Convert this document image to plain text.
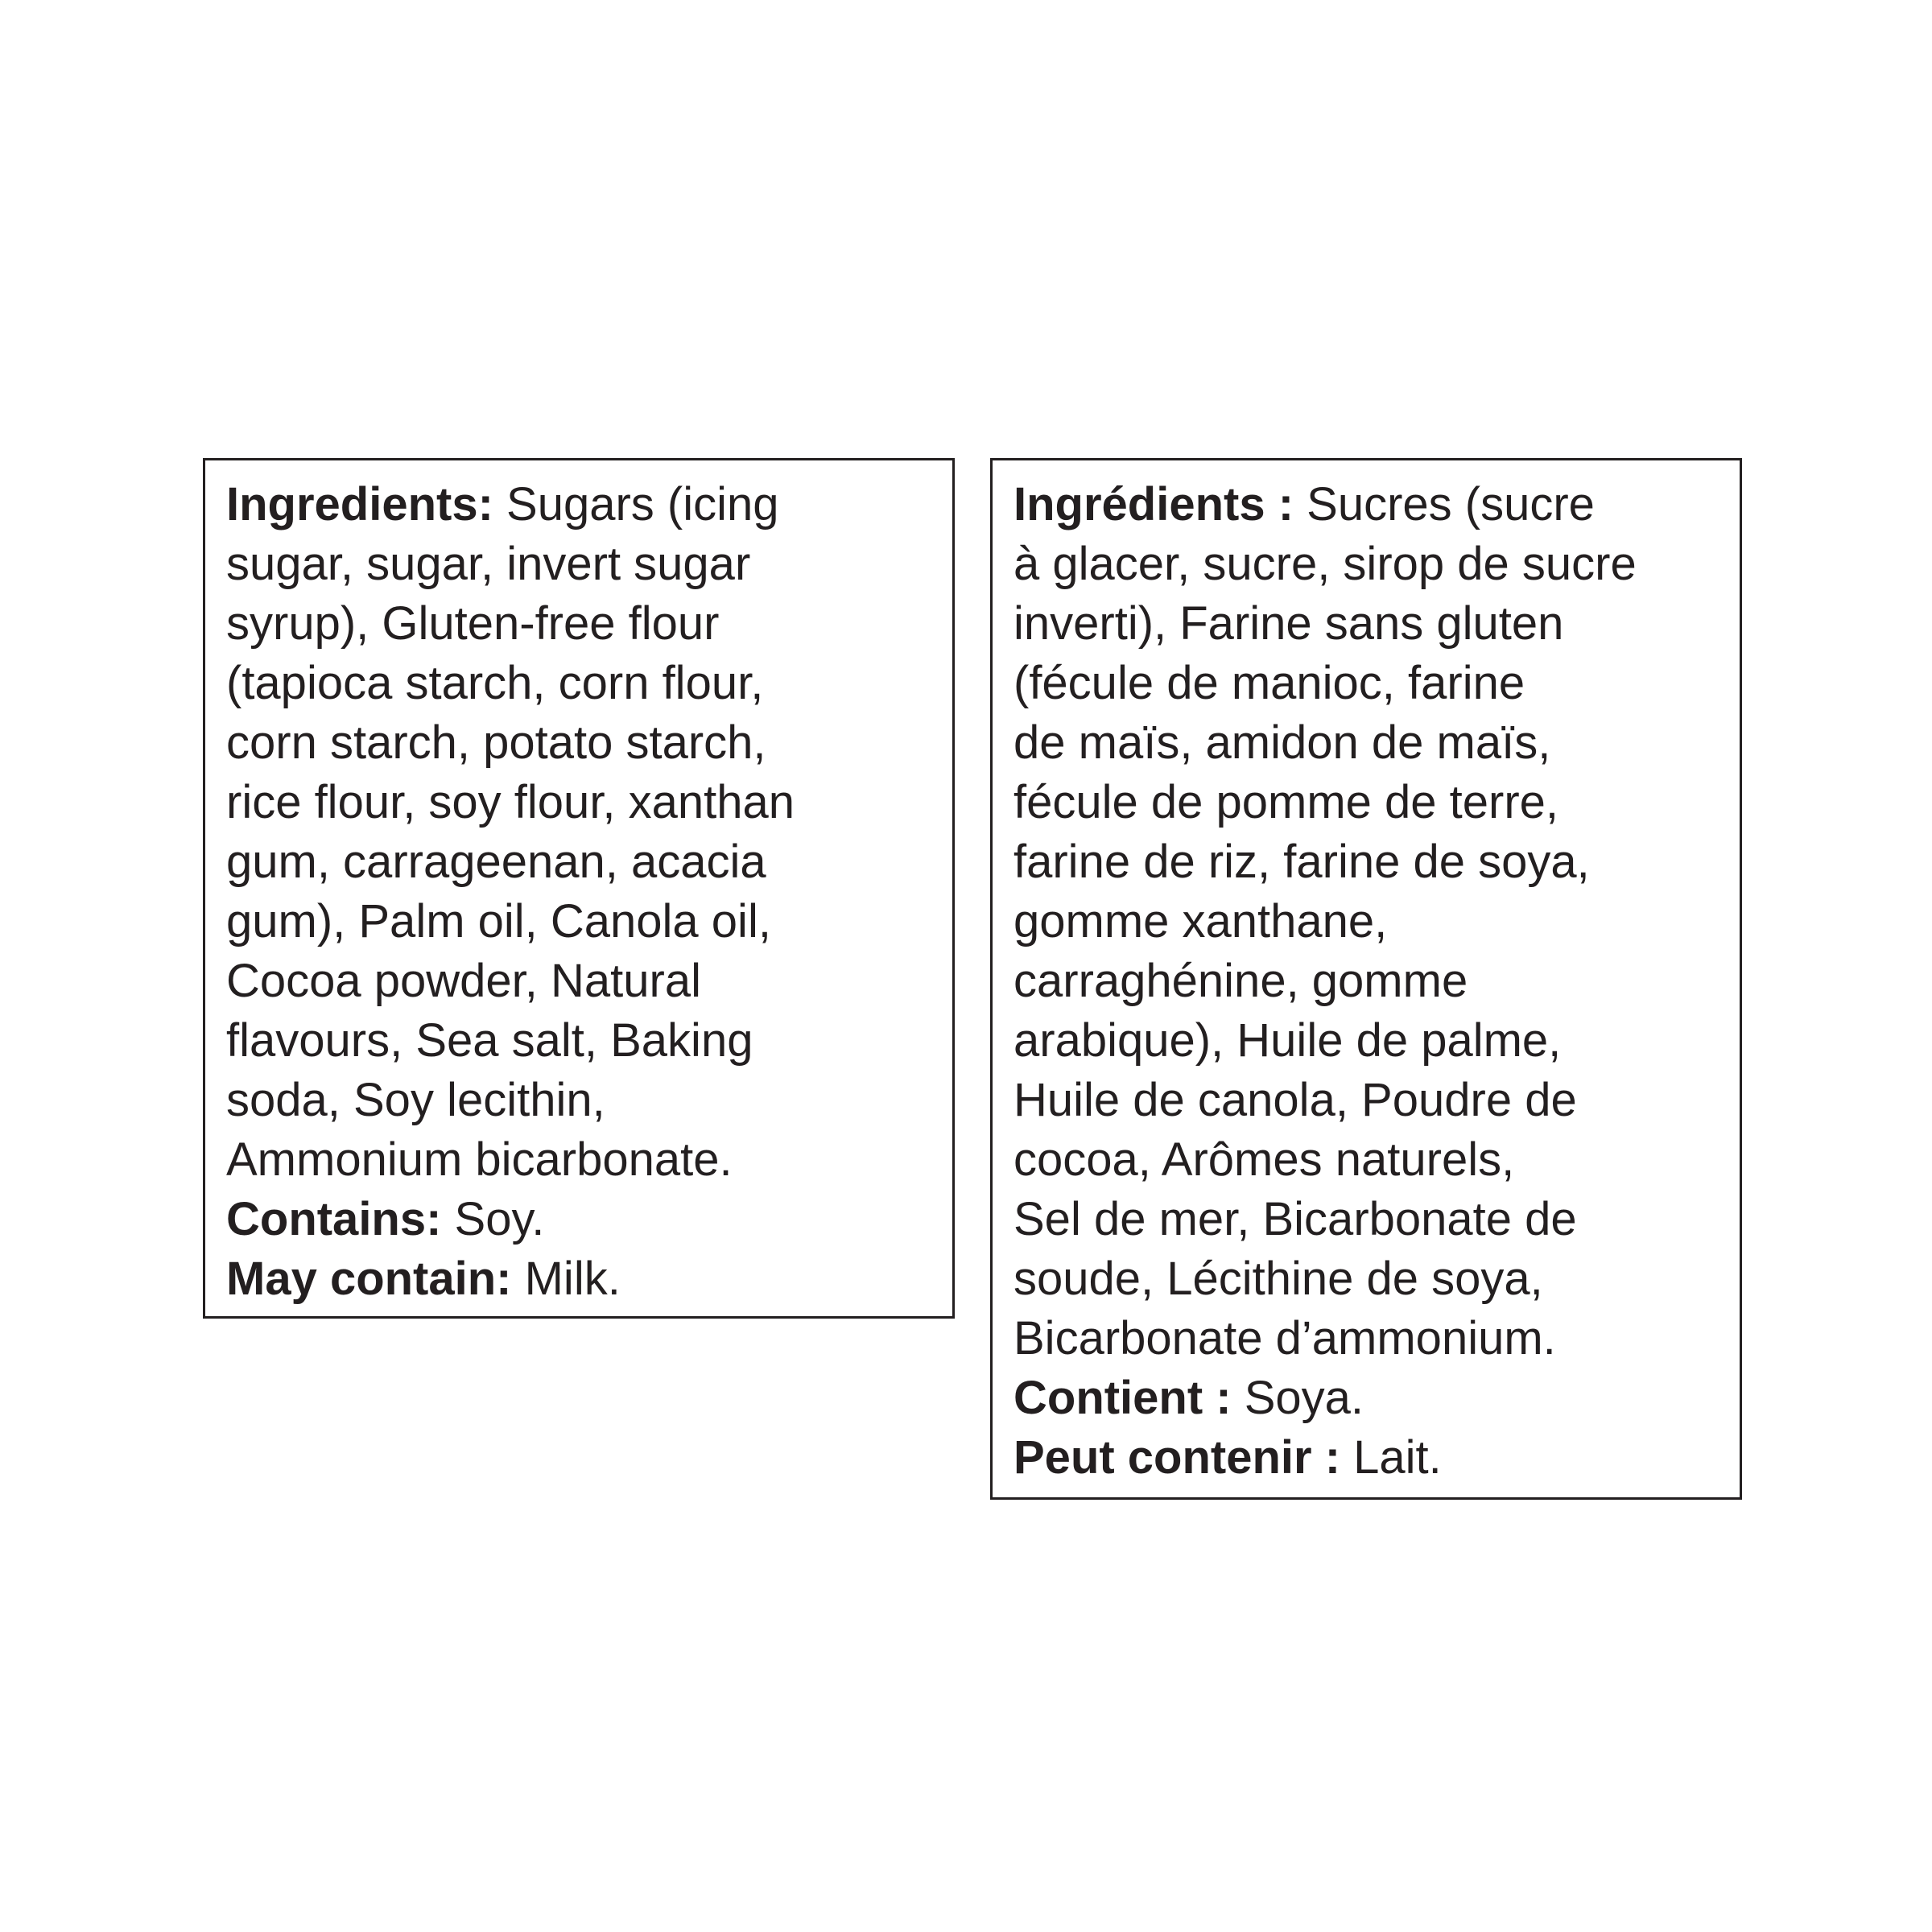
Ingredients: Sugars (icing
sugar, sugar, invert sugar
syrup), Gluten-free flour
(tapioca starch, corn flour,
corn starch, potato starch,
rice flour, soy flour, xanthan
gum, carrageenan, acacia
gum), Palm oil, Canola oil,
Cocoa powder, Natural
flavours, Sea salt, Baking
soda, Soy lecithin,
Ammonium bicarbonate.
Contains: Soy.
May contain: Milk.
Ingrédients : Sucres (sucre
à glacer, sucre, sirop de sucre
inverti), Farine sans gluten
(fécule de manioc, farine
de maïs, amidon de maïs,
fécule de pomme de terre,
farine de riz, farine de soya,
gomme xanthane,
carraghénine, gomme
arabique), Huile de palme,
Huile de canola, Poudre de
cocoa, Arômes naturels,
Sel de mer, Bicarbonate de
soude, Lécithine de soya,
Bicarbonate d’ammonium.
Contient : Soya.
Peut contenir : Lait.
